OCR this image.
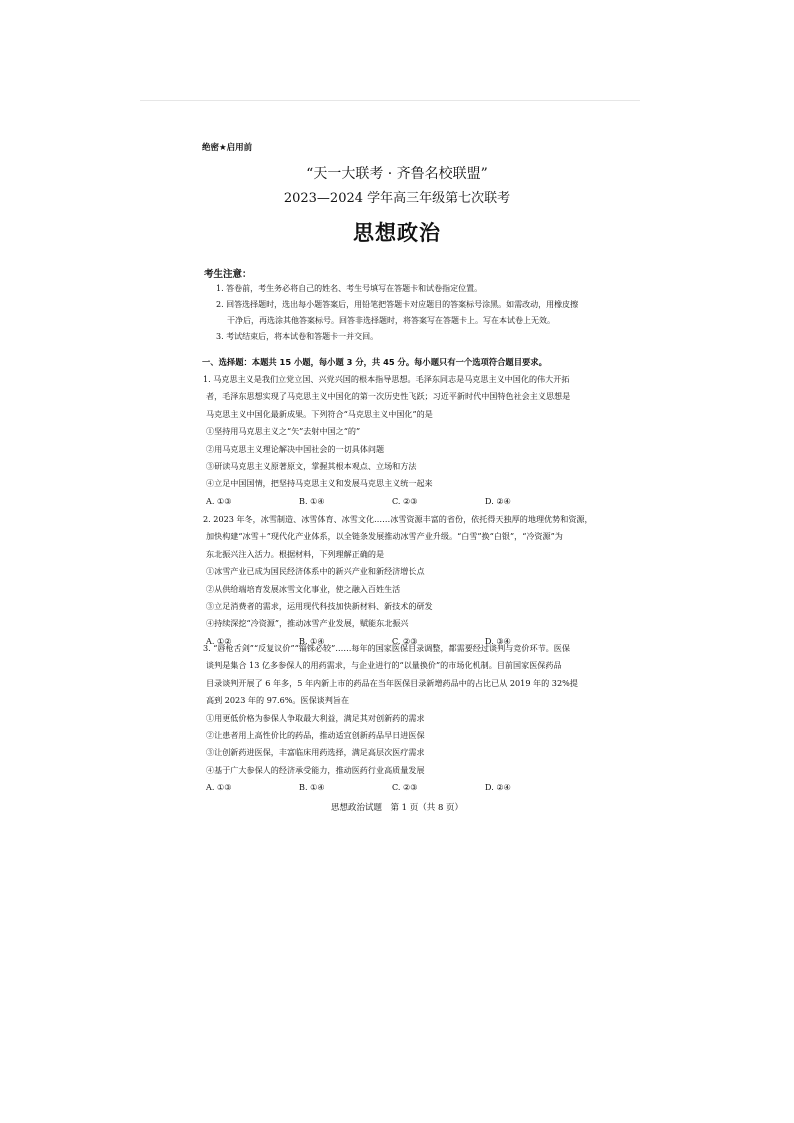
绝密★启用前
“天一大联考 · 齐鲁名校联盟”
2023—2024 学年高三年级第七次联考
思想政治
考生注意：
1. 答卷前，考生务必将自己的姓名、考生号填写在答题卡和试卷指定位置。
2. 回答选择题时，选出每小题答案后，用铅笔把答题卡对应题目的答案标号涂黑。如需改动，用橡皮擦
干净后，再选涂其他答案标号。回答非选择题时，将答案写在答题卡上。写在本试卷上无效。
3. 考试结束后，将本试卷和答题卡一并交回。
一、选择题：本题共 15 小题，每小题 3 分，共 45 分。每小题只有一个选项符合题目要求。
1. 马克思主义是我们立党立国、兴党兴国的根本指导思想。毛泽东同志是马克思主义中国化的伟大开拓
者，毛泽东思想实现了马克思主义中国化的第一次历史性飞跃；习近平新时代中国特色社会主义思想是
马克思主义中国化最新成果。下列符合“马克思主义中国化”的是
①坚持用马克思主义之“矢”去射中国之“的”
②用马克思主义理论解决中国社会的一切具体问题
③研读马克思主义原著原文，掌握其根本观点、立场和方法
④立足中国国情，把坚持马克思主义和发展马克思主义统一起来
A. ①③	B. ①④	C. ②③	D. ②④
2. 2023 年冬，冰雪制造、冰雪体育、冰雪文化……冰雪资源丰富的省份，依托得天独厚的地理优势和资源，
加快构建“冰雪＋”现代化产业体系，以全链条发展推动冰雪产业升级。“白雪”换“白银”，“冷资源”为
东北振兴注入活力。根据材料，下列理解正确的是
①冰雪产业已成为国民经济体系中的新兴产业和新经济增长点
②从供给端培育发展冰雪文化事业，使之融入百姓生活
③立足消费者的需求，运用现代科技加快新材料、新技术的研发
④持续深挖“冷资源”，推动冰雪产业发展，赋能东北振兴
A. ①②	B. ①④	C. ②③	D. ③④
3. “唇枪舌剑”“反复议价”“锱铢必较”……每年的国家医保目录调整，都需要经过谈判与竞价环节。医保
谈判是集合 13 亿多参保人的用药需求，与企业进行的“以量换价”的市场化机制。目前国家医保药品
目录谈判开展了 6 年多，5 年内新上市的药品在当年医保目录新增药品中的占比已从 2019 年的 32%提
高到 2023 年的 97.6%。医保谈判旨在
①用更低价格为参保人争取最大利益，满足其对创新药的需求
②让患者用上高性价比的药品，推动适宜创新药品早日进医保
③让创新药进医保，丰富临床用药选择，满足高层次医疗需求
④基于广大参保人的经济承受能力，推动医药行业高质量发展
A. ①③	B. ①④	C. ②③	D. ②④
思想政治试题　第 1 页（共 8 页）
